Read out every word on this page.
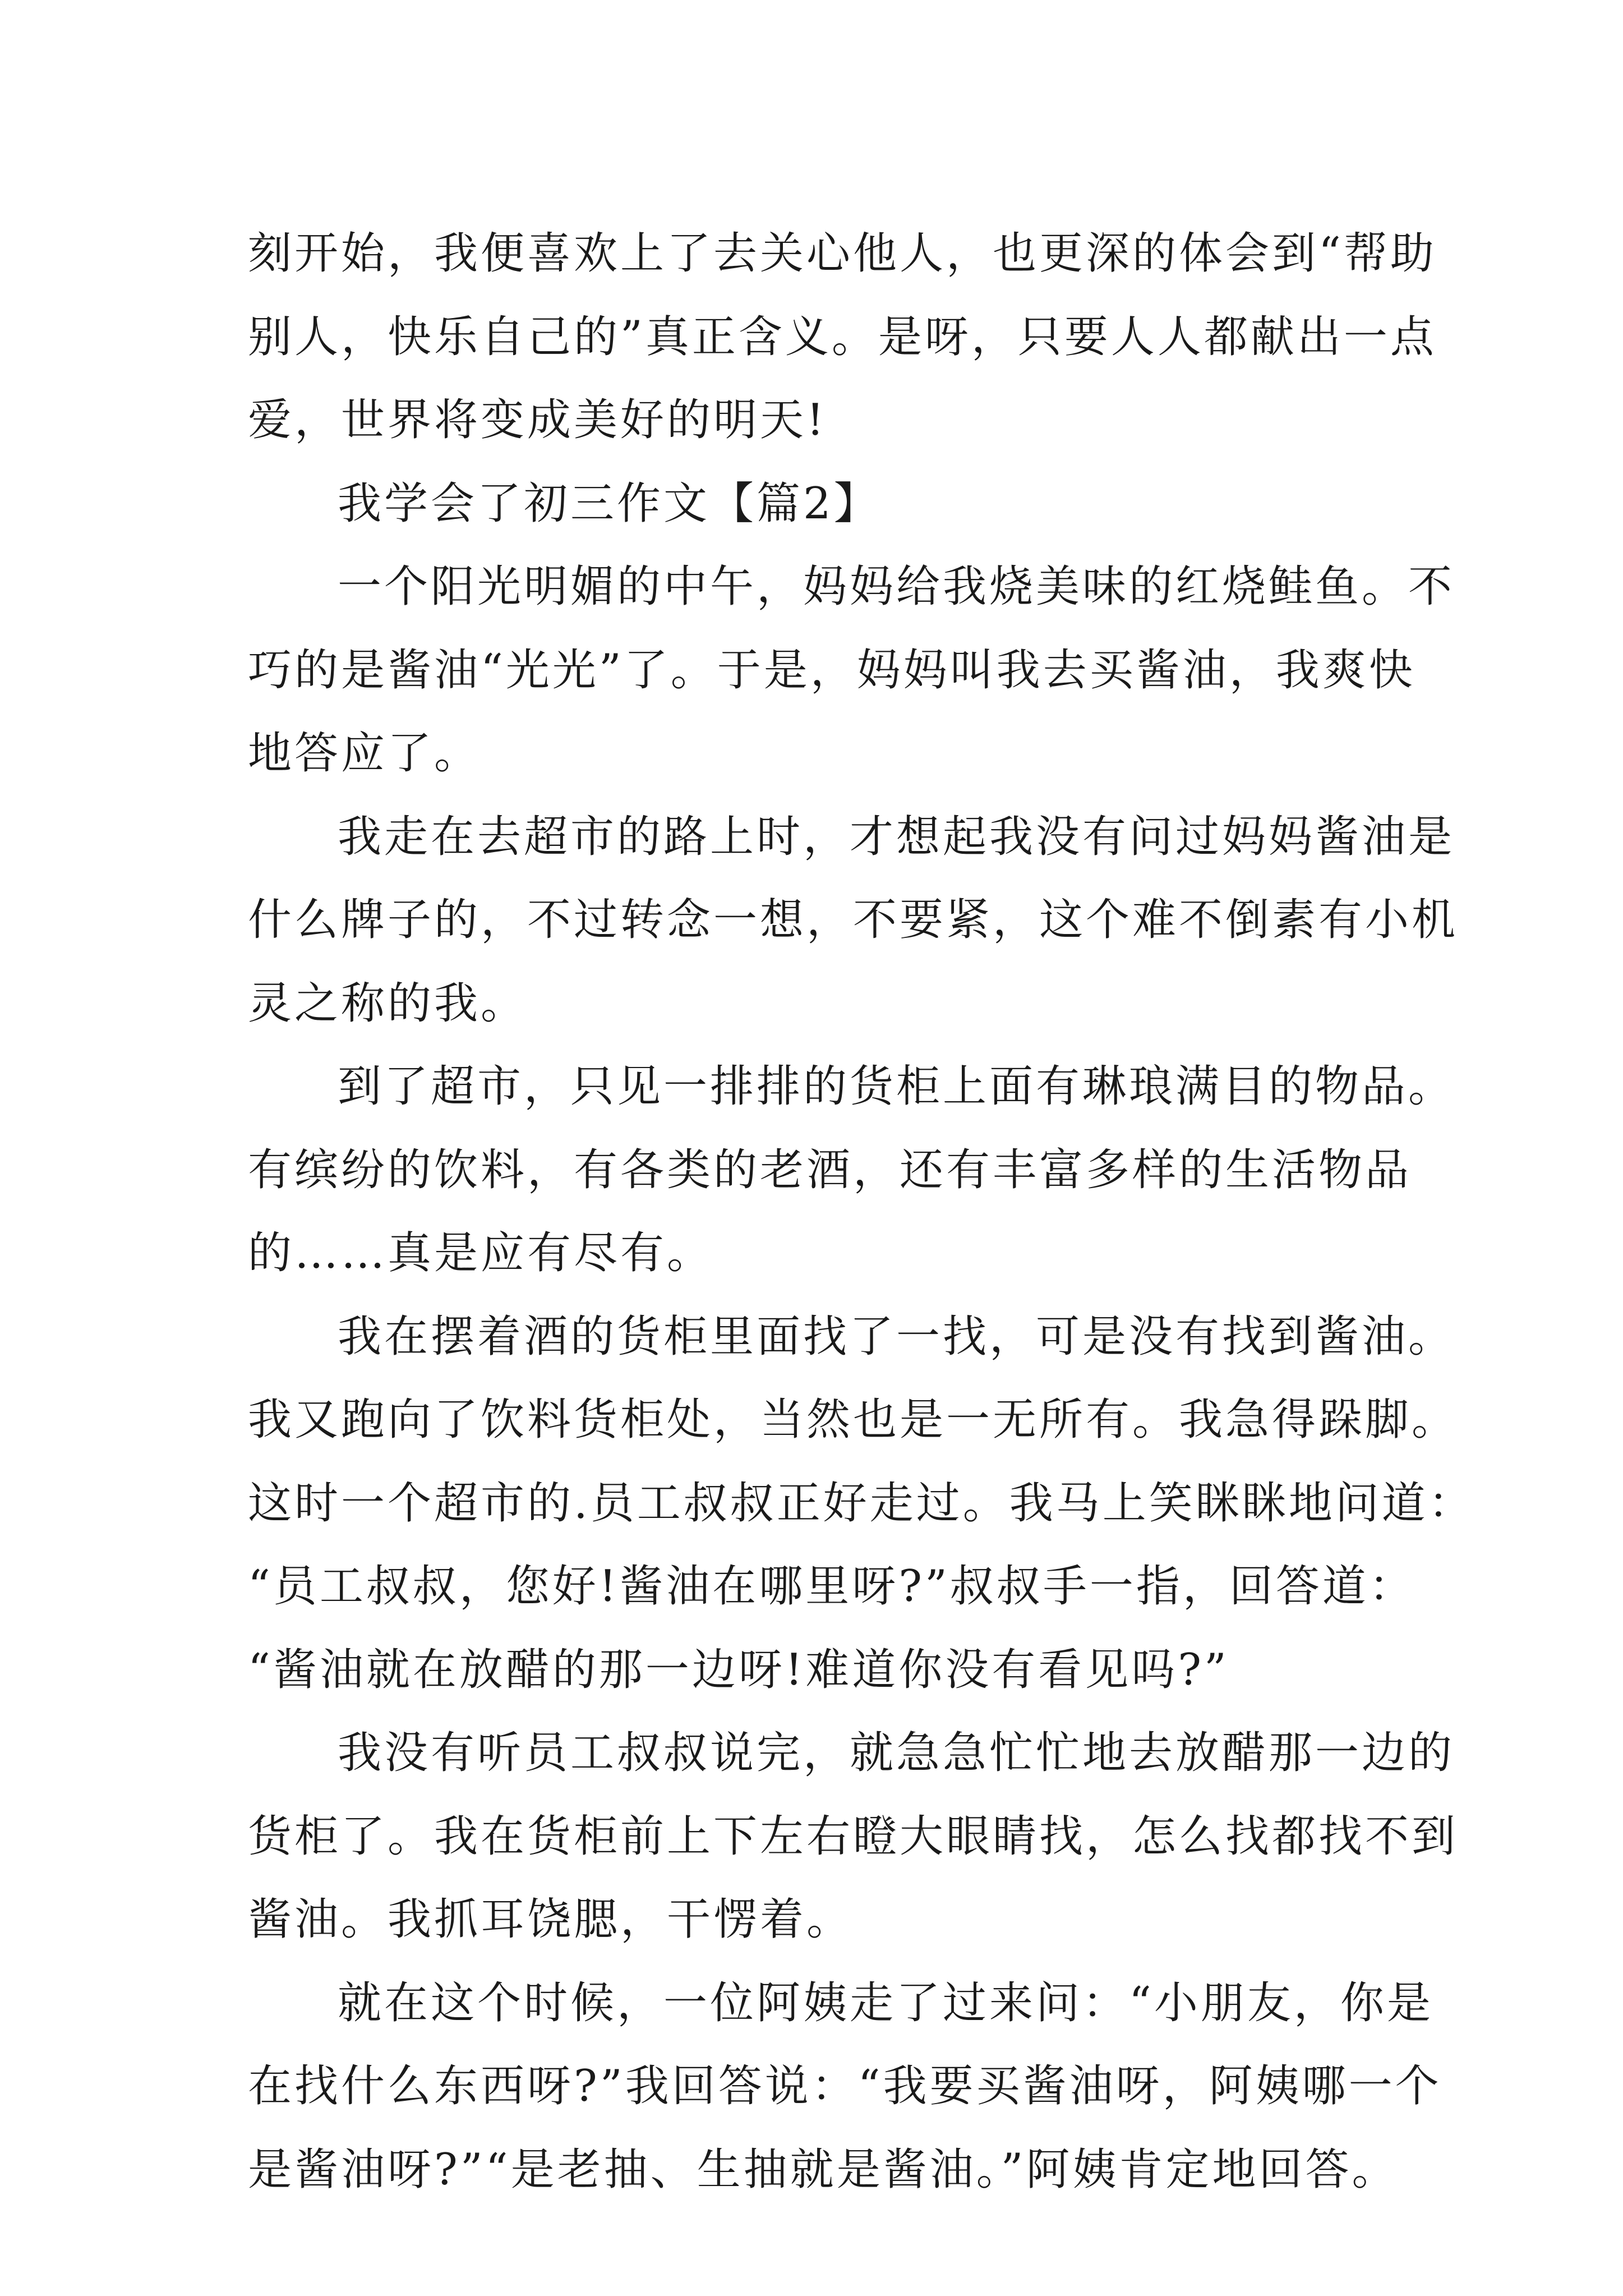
刻开始，我便喜欢上了去关心他人，也更深的体会到“帮助
别人，快乐自己的”真正含义。是呀，只要人人都献出一点
爱，世界将变成美好的明天!

我学会了初三作文【篇2】

一个阳光明媚的中午，妈妈给我烧美味的红烧鲑鱼。不
巧的是酱油“光光”了。于是，妈妈叫我去买酱油，我爽快
地答应了。

我走在去超市的路上时，才想起我没有问过妈妈酱油是
什么牌子的，不过转念一想，不要紧，这个难不倒素有小机
灵之称的我。

到了超市，只见一排排的货柜上面有琳琅满目的物品。
有缤纷的饮料，有各类的老酒，还有丰富多样的生活物品
的……真是应有尽有。

我在摆着酒的货柜里面找了一找，可是没有找到酱油。
我又跑向了饮料货柜处，当然也是一无所有。我急得跺脚。
这时一个超市的.员工叔叔正好走过。我马上笑眯眯地问道：
“员工叔叔，您好!酱油在哪里呀?”叔叔手一指，回答道：
“酱油就在放醋的那一边呀!难道你没有看见吗?”

我没有听员工叔叔说完，就急急忙忙地去放醋那一边的
货柜了。我在货柜前上下左右瞪大眼睛找，怎么找都找不到
酱油。我抓耳饶腮，干愣着。

就在这个时候，一位阿姨走了过来问：“小朋友，你是
在找什么东西呀?”我回答说：“我要买酱油呀，阿姨哪一个
是酱油呀?”“是老抽、生抽就是酱油。”阿姨肯定地回答。
